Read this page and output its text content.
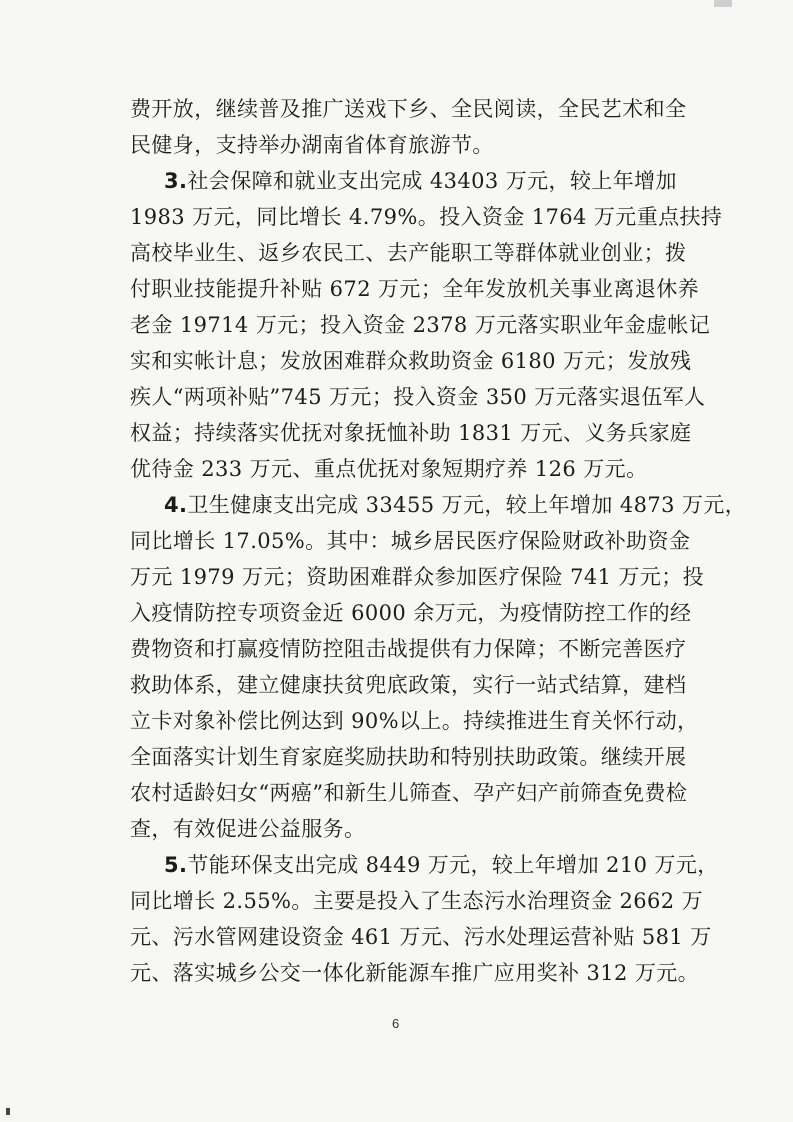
费开放，继续普及推广送戏下乡、全民阅读，全民艺术和全
民健身，支持举办湖南省体育旅游节。
3.社会保障和就业支出完成 43403 万元，较上年增加
1983 万元，同比增长 4.79%。投入资金 1764 万元重点扶持
高校毕业生、返乡农民工、去产能职工等群体就业创业；拨
付职业技能提升补贴 672 万元；全年发放机关事业离退休养
老金 19714 万元；投入资金 2378 万元落实职业年金虚帐记
实和实帐计息；发放困难群众救助资金 6180 万元；发放残
疾人“两项补贴”745 万元；投入资金 350 万元落实退伍军人
权益；持续落实优抚对象抚恤补助 1831 万元、义务兵家庭
优待金 233 万元、重点优抚对象短期疗养 126 万元。
4.卫生健康支出完成 33455 万元，较上年增加 4873 万元，
同比增长 17.05%。其中：城乡居民医疗保险财政补助资金
万元 1979 万元；资助困难群众参加医疗保险 741 万元；投
入疫情防控专项资金近 6000 余万元，为疫情防控工作的经
费物资和打赢疫情防控阻击战提供有力保障；不断完善医疗
救助体系，建立健康扶贫兜底政策，实行一站式结算，建档
立卡对象补偿比例达到 90%以上。持续推进生育关怀行动，
全面落实计划生育家庭奖励扶助和特别扶助政策。继续开展
农村适龄妇女“两癌”和新生儿筛查、孕产妇产前筛查免费检
查，有效促进公益服务。
5.节能环保支出完成 8449 万元，较上年增加 210 万元，
同比增长 2.55%。主要是投入了生态污水治理资金 2662 万
元、污水管网建设资金 461 万元、污水处理运营补贴 581 万
元、落实城乡公交一体化新能源车推广应用奖补 312 万元。
6
